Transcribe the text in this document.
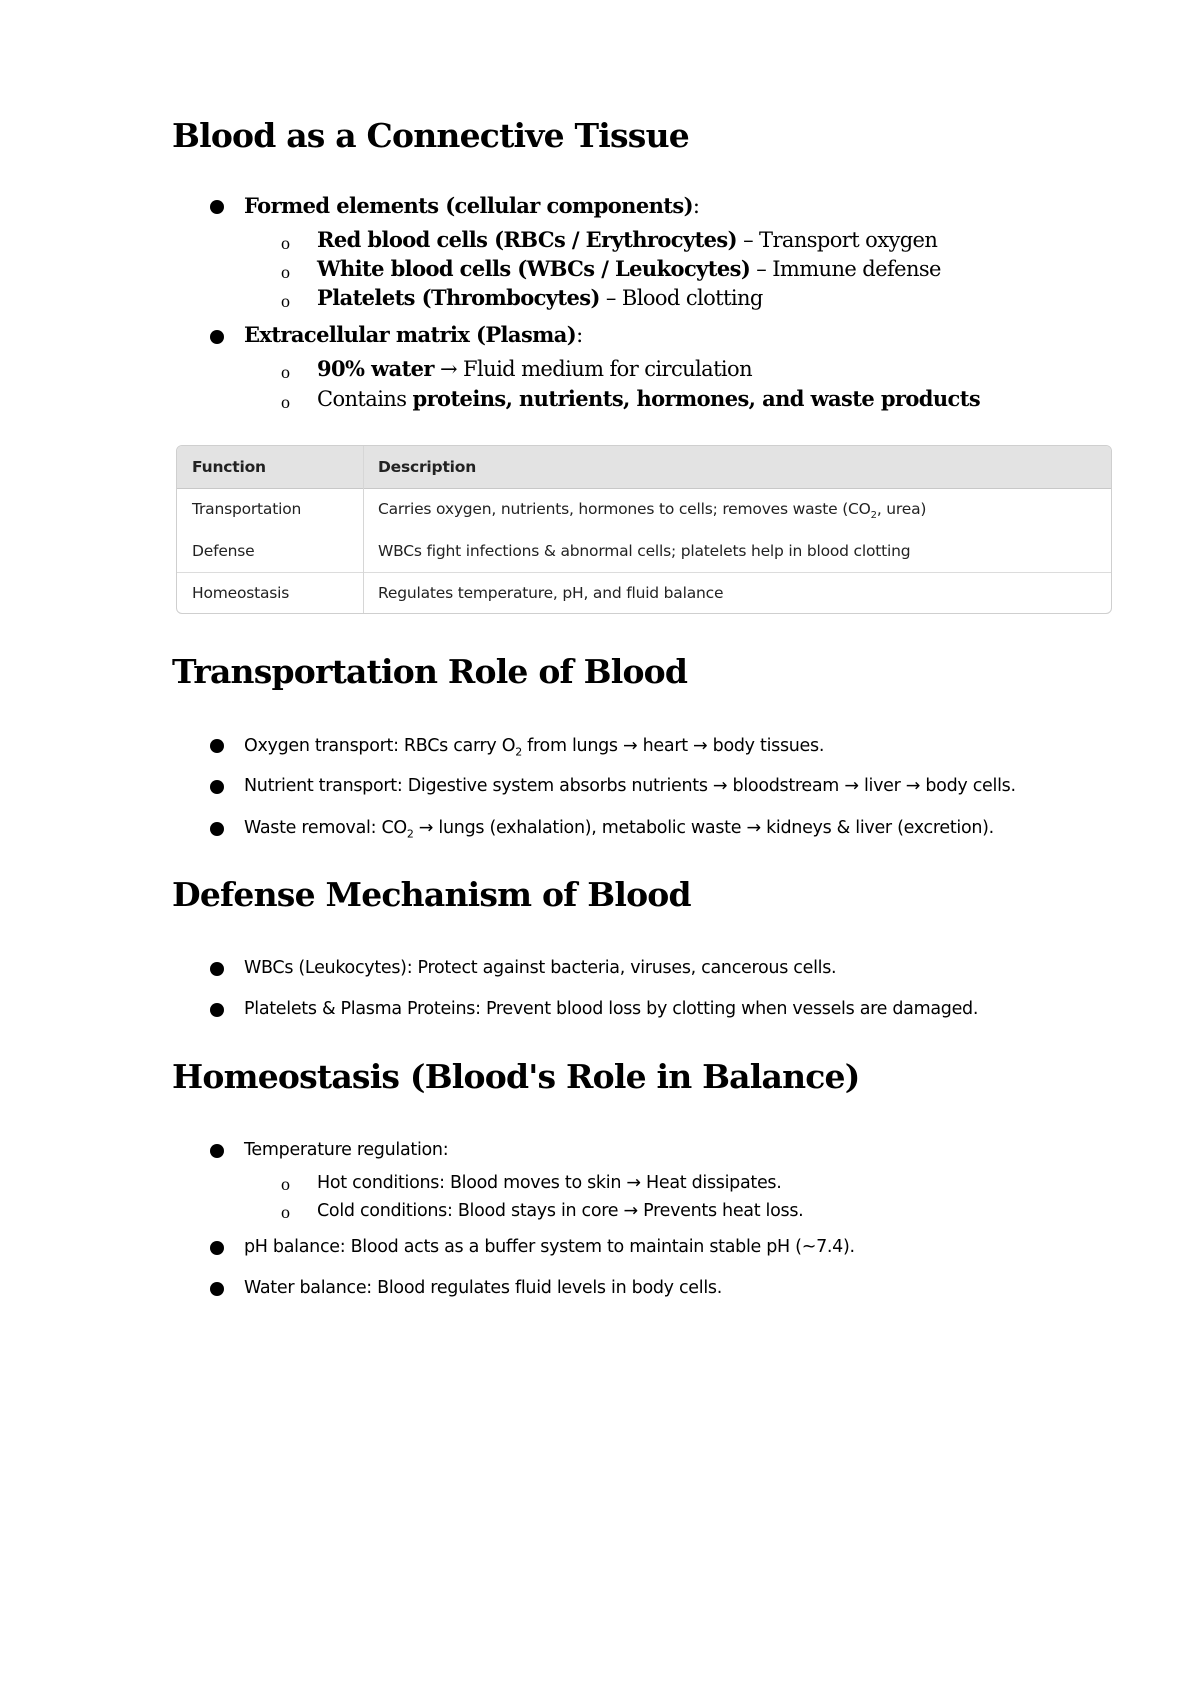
Blood as a Connective Tissue
Formed elements (cellular components):
o Red blood cells (RBCs / Erythrocytes) – Transport oxygen
o White blood cells (WBCs / Leukocytes) – Immune defense
o Platelets (Thrombocytes) – Blood clotting
Extracellular matrix (Plasma):
o 90% water → Fluid medium for circulation
o Contains proteins, nutrients, hormones, and waste products
Function	Description
Transportation	Carries oxygen, nutrients, hormones to cells; removes waste ($CO_2$, urea)
Defense	WBCs fight infections & abnormal cells; platelets help in blood clotting
Homeostasis	Regulates temperature, pH, and fluid balance
Transportation Role of Blood
Oxygen transport: RBCs carry $O_2$ from lungs → heart → body tissues.
Nutrient transport: Digestive system absorbs nutrients → bloodstream → liver → body cells.
Waste removal: $CO_2$ → lungs (exhalation), metabolic waste → kidneys & liver (excretion).
Defense Mechanism of Blood
WBCs (Leukocytes): Protect against bacteria, viruses, cancerous cells.
Platelets & Plasma Proteins: Prevent blood loss by clotting when vessels are damaged.
Homeostasis (Blood's Role in Balance)
Temperature regulation:
o Hot conditions: Blood moves to skin → Heat dissipates.
o Cold conditions: Blood stays in core → Prevents heat loss.
pH balance: Blood acts as a buffer system to maintain stable pH (~7.4).
Water balance: Blood regulates fluid levels in body cells.
